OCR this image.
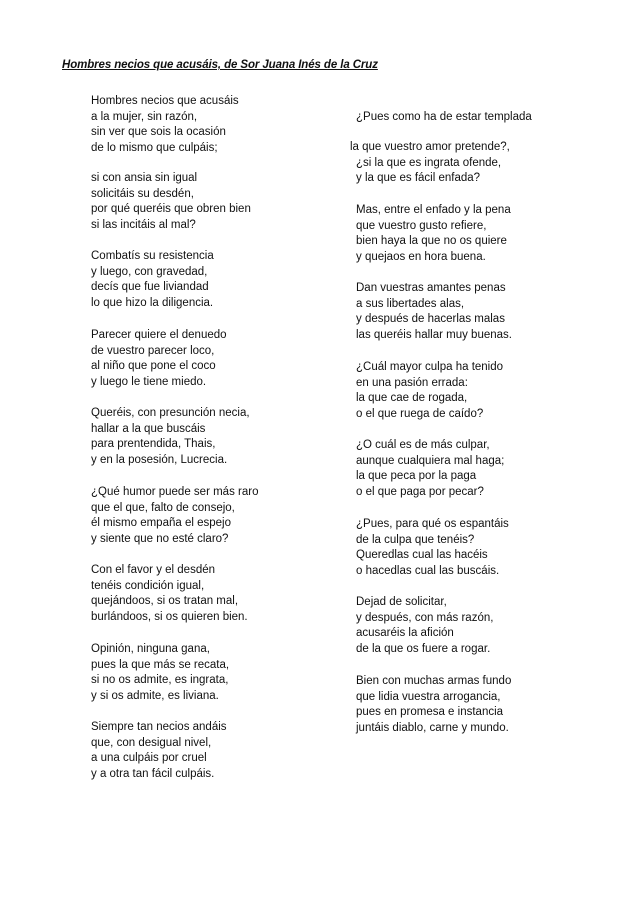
Hombres necios que acusáis, de Sor Juana Inés de la Cruz
Hombres necios que acusáis
a la mujer, sin razón,
sin ver que sois la ocasión
de lo mismo que culpáis;
si con ansia sin igual
solicitáis su desdén,
por qué queréis que obren bien
si las incitáis al mal?
Combatís su resistencia
y luego, con gravedad,
decís que fue liviandad
lo que hizo la diligencia.
Parecer quiere el denuedo
de vuestro parecer loco,
al niño que pone el coco
y luego le tiene miedo.
Queréis, con presunción necia,
hallar a la que buscáis
para prentendida, Thais,
y en la posesión, Lucrecia.
¿Qué humor puede ser más raro
que el que, falto de consejo,
él mismo empaña el espejo
y siente que no esté claro?
Con el favor y el desdén
tenéis condición igual,
quejándoos, si os tratan mal,
burlándoos, si os quieren bien.
Opinión, ninguna gana,
pues la que más se recata,
si no os admite, es ingrata,
y si os admite, es liviana.
Siempre tan necios andáis
que, con desigual nivel,
a una culpáis por cruel
y a otra tan fácil culpáis.
¿Pues como ha de estar templada
la que vuestro amor pretende?,
¿si la que es ingrata ofende,
y la que es fácil enfada?
Mas, entre el enfado y la pena
que vuestro gusto refiere,
bien haya la que no os quiere
y quejaos en hora buena.
Dan vuestras amantes penas
a sus libertades alas,
y después de hacerlas malas
las queréis hallar muy buenas.
¿Cuál mayor culpa ha tenido
en una pasión errada:
la que cae de rogada,
o el que ruega de caído?
¿O cuál es de más culpar,
aunque cualquiera mal haga;
la que peca por la paga
o el que paga por pecar?
¿Pues, para qué os espantáis
de la culpa que tenéis?
Queredlas cual las hacéis
o hacedlas cual las buscáis.
Dejad de solicitar,
y después, con más razón,
acusaréis la afición
de la que os fuere a rogar.
Bien con muchas armas fundo
que lidia vuestra arrogancia,
pues en promesa e instancia
juntáis diablo, carne y mundo.
